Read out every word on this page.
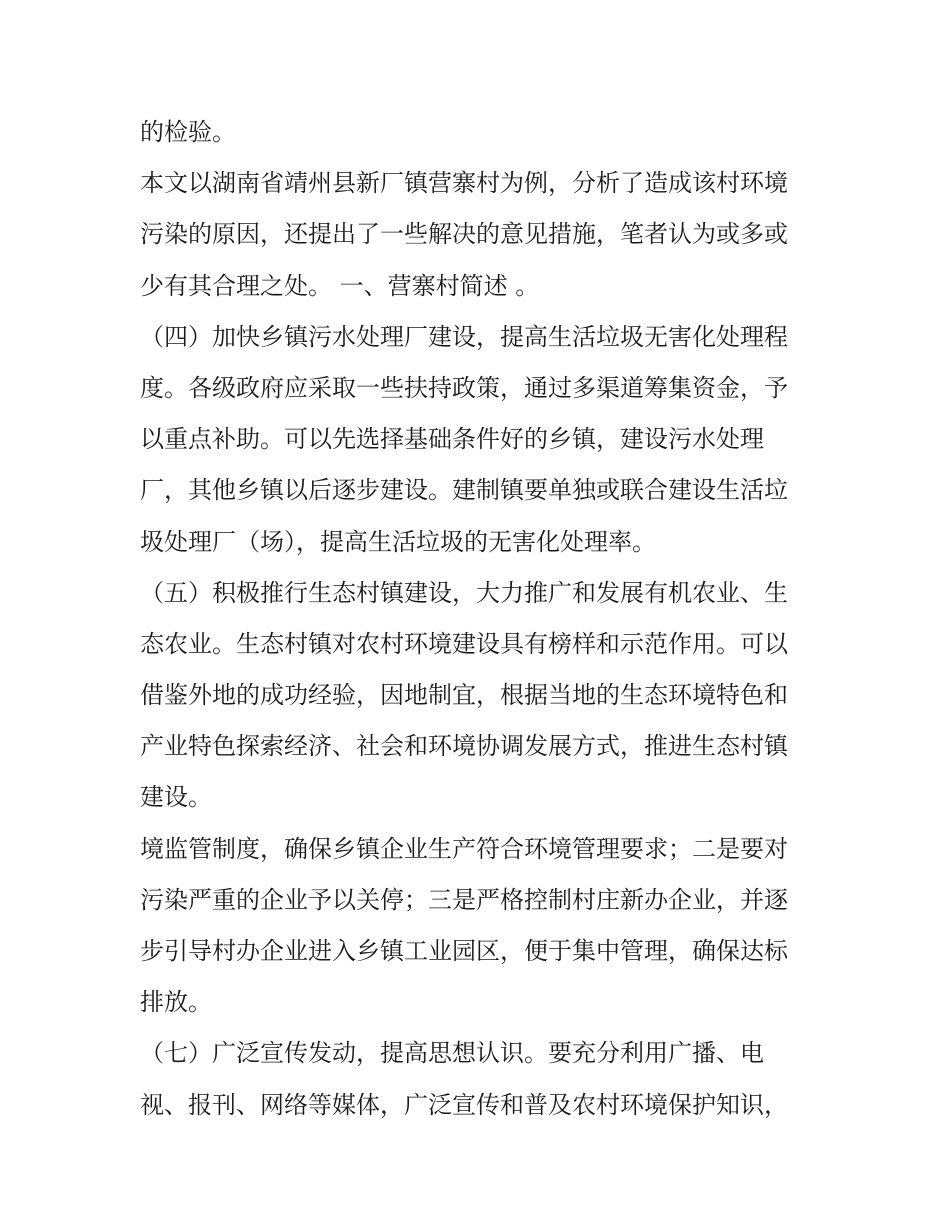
的检验。
本文以湖南省靖州县新厂镇营寨村为例，分析了造成该村环境
污染的原因，还提出了一些解决的意见措施，笔者认为或多或
少有其合理之处。 一、营寨村简述 。
（四）加快乡镇污水处理厂建设，提高生活垃圾无害化处理程
度。各级政府应采取一些扶持政策，通过多渠道筹集资金，予
以重点补助。可以先选择基础条件好的乡镇，建设污水处理
厂，其他乡镇以后逐步建设。建制镇要单独或联合建设生活垃
圾处理厂（场），提高生活垃圾的无害化处理率。
（五）积极推行生态村镇建设，大力推广和发展有机农业、生
态农业。生态村镇对农村环境建设具有榜样和示范作用。可以
借鉴外地的成功经验，因地制宜，根据当地的生态环境特色和
产业特色探索经济、社会和环境协调发展方式，推进生态村镇
建设。
境监管制度，确保乡镇企业生产符合环境管理要求；二是要对
污染严重的企业予以关停；三是严格控制村庄新办企业，并逐
步引导村办企业进入乡镇工业园区，便于集中管理，确保达标
排放。
（七）广泛宣传发动，提高思想认识。要充分利用广播、电
视、报刊、网络等媒体，广泛宣传和普及农村环境保护知识，
